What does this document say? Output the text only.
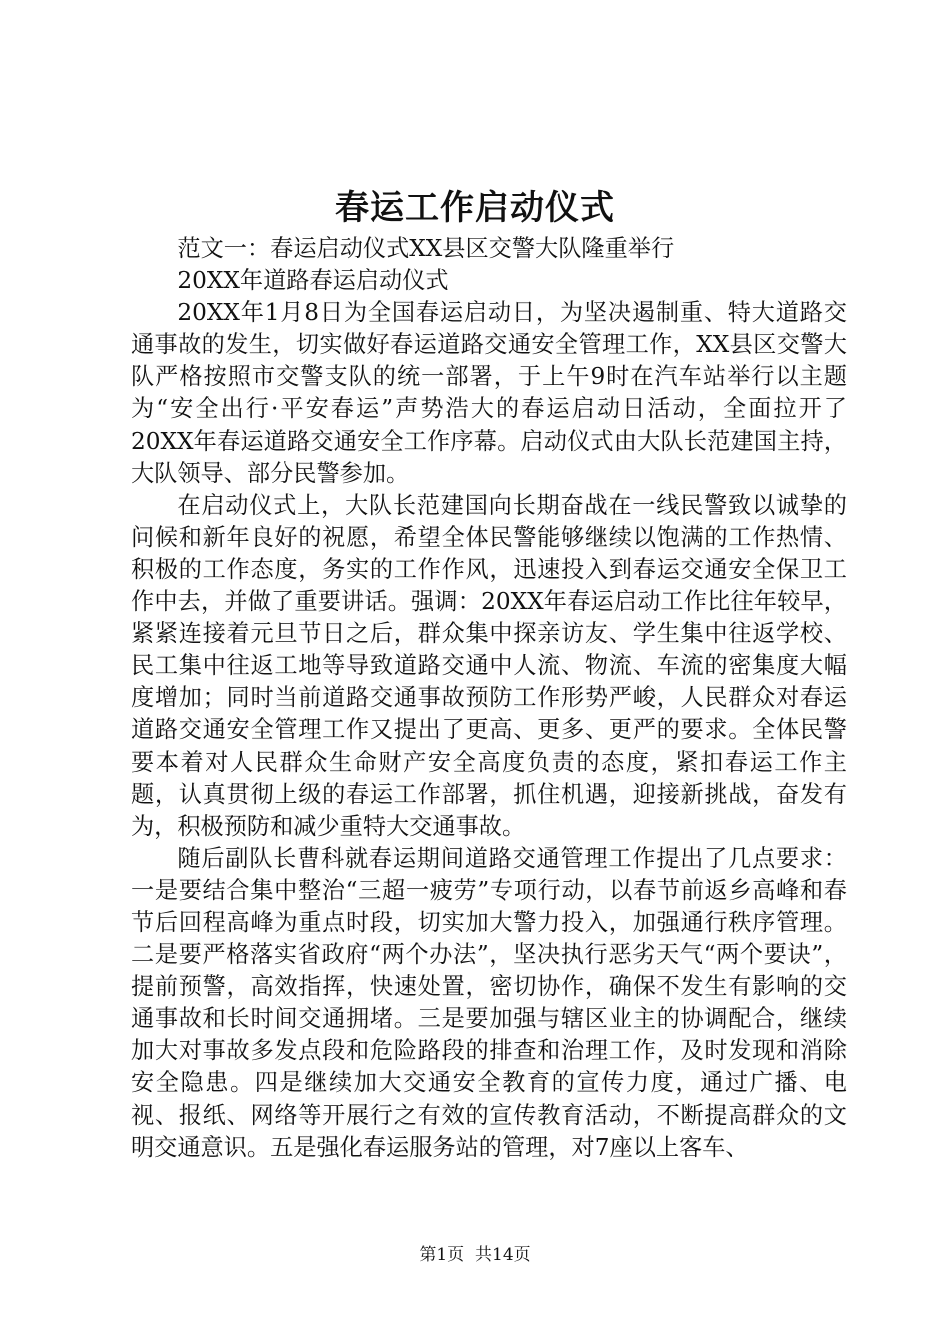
春运工作启动仪式

范文一：春运启动仪式XX县区交警大队隆重举行

20XX年道路春运启动仪式

20XX年1月8日为全国春运启动日，为坚决遏制重、特大道路交通事故的发生，切实做好春运道路交通安全管理工作，XX县区交警大队严格按照市交警支队的统一部署，于上午9时在汽车站举行以主题为“安全出行·平安春运”声势浩大的春运启动日活动，全面拉开了20XX年春运道路交通安全工作序幕。启动仪式由大队长范建国主持，大队领导、部分民警参加。

在启动仪式上，大队长范建国向长期奋战在一线民警致以诚挚的问候和新年良好的祝愿，希望全体民警能够继续以饱满的工作热情、积极的工作态度，务实的工作作风，迅速投入到春运交通安全保卫工作中去，并做了重要讲话。强调：20XX年春运启动工作比往年较早，紧紧连接着元旦节日之后，群众集中探亲访友、学生集中往返学校、民工集中往返工地等导致道路交通中人流、物流、车流的密集度大幅度增加；同时当前道路交通事故预防工作形势严峻，人民群众对春运道路交通安全管理工作又提出了更高、更多、更严的要求。全体民警要本着对人民群众生命财产安全高度负责的态度，紧扣春运工作主题，认真贯彻上级的春运工作部署，抓住机遇，迎接新挑战，奋发有为，积极预防和减少重特大交通事故。

随后副队长曹科就春运期间道路交通管理工作提出了几点要求：一是要结合集中整治“三超一疲劳”专项行动，以春节前返乡高峰和春节后回程高峰为重点时段，切实加大警力投入，加强通行秩序管理。二是要严格落实省政府“两个办法”，坚决执行恶劣天气“两个要诀”，提前预警，高效指挥，快速处置，密切协作，确保不发生有影响的交通事故和长时间交通拥堵。三是要加强与辖区业主的协调配合，继续加大对事故多发点段和危险路段的排查和治理工作，及时发现和消除安全隐患。四是继续加大交通安全教育的宣传力度，通过广播、电视、报纸、网络等开展行之有效的宣传教育活动，不断提高群众的文明交通意识。五是强化春运服务站的管理，对7座以上客车、

第1页 共14页
